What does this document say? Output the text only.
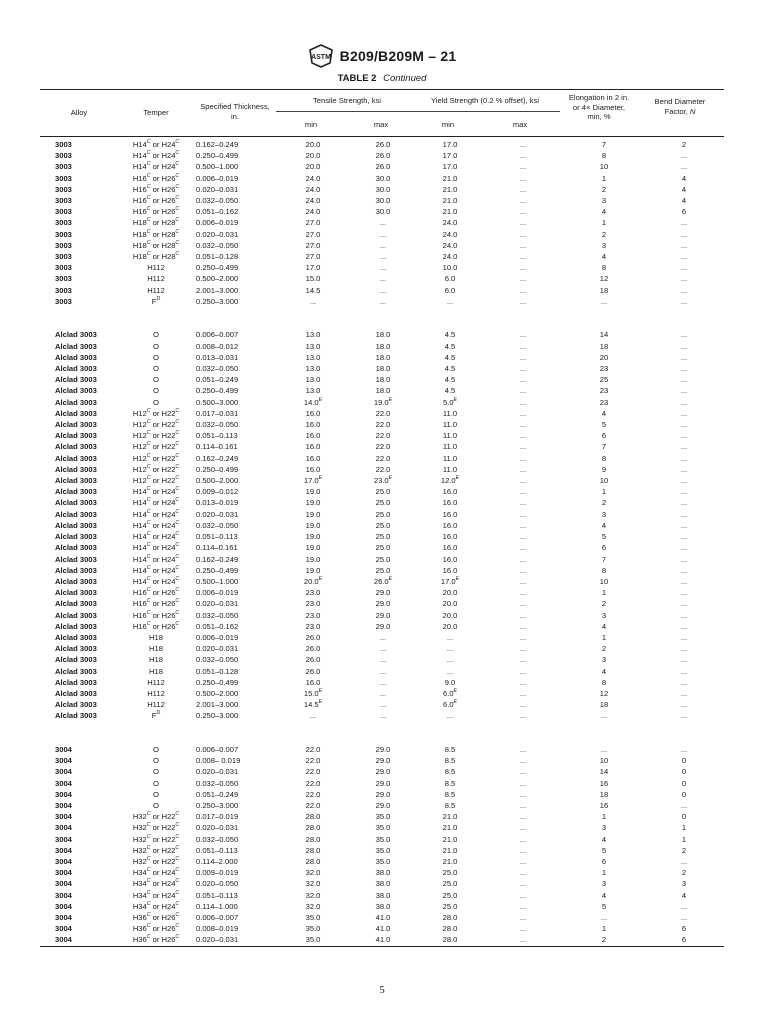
ASTM B209/B209M – 21
TABLE 2 Continued
Alloy	Temper
Specified Thickness, in.
Tensile Strength, ksi	Yield Strength (0.2 % offset), ksi	Elongation in 2 in. or 4× Diameter, min, %
Bend Diameter Factor, N
min	max	min	max
3003	$H14^C$ or $H24^C$	0.162–0.249	20.0	26.0	17.0	...	7	2
3003	$H14^C$ or $H24^C$	0.250–0.499	20.0	26.0	17.0	...	8	...
3003	$H14^C$ or $H24^C$	0.500–1.000	20.0	26.0	17.0	...	10	...
3003	$H16^C$ or $H26^C$	0.006–0.019	24.0	30.0	21.0	...	1	4
3003	$H16^C$ or $H26^C$	0.020–0.031	24.0	30.0	21.0	...	2	4
3003	$H16^C$ or $H26^C$	0.032–0.050	24.0	30.0	21.0	...	3	4
3003	$H16^C$ or $H26^C$	0.051–0.162	24.0	30.0	21.0	...	4	6
3003	$H18^C$ or $H28^C$	0.006–0.019	27.0	...	24.0	...	1	...
3003	$H18^C$ or $H28^C$	0.020–0.031	27.0	...	24.0	...	2	...
3003	$H18^C$ or $H28^C$	0.032–0.050	27.0	...	24.0	...	3	...
3003	$H18^C$ or $H28^C$	0.051–0.128	27.0	...	24.0	...	4	...
3003	H112	0.250–0.499	17.0	...	10.0	...	8	...
3003	H112	0.500–2.000	15.0	...	6.0	...	12	...
3003	H112	2.001–3.000	14.5	...	6.0	...	18	...
3003	$F^D$	0.250–3.000	...	...	...	...	...	...

Alclad 3003	O	0.006–0.007	13.0	18.0	4.5	...	14	...
Alclad 3003	O	0.008–0.012	13.0	18.0	4.5	...	18	...
Alclad 3003	O	0.013–0.031	13.0	18.0	4.5	...	20	...
Alclad 3003	O	0.032–0.050	13.0	18.0	4.5	...	23	...
Alclad 3003	O	0.051–0.249	13.0	18.0	4.5	...	25	...
Alclad 3003	O	0.250–0.499	13.0	18.0	4.5	...	23	...
Alclad 3003	O	0.500–3.000	$14.0^E$	$19.0^E$	$5.0^E$	...	23	...
Alclad 3003	$H12^C$ or $H22^C$	0.017–0.031	16.0	22.0	11.0	...	4	...
Alclad 3003	$H12^C$ or $H22^C$	0.032–0.050	16.0	22.0	11.0	...	5	...
Alclad 3003	$H12^C$ or $H22^C$	0.051–0.113	16.0	22.0	11.0	...	6	...
Alclad 3003	$H12^C$ or $H22^C$	0.114–0.161	16.0	22.0	11.0	...	7	...
Alclad 3003	$H12^C$ or $H22^C$	0.162–0.249	16.0	22.0	11.0	...	8	...
Alclad 3003	$H12^C$ or $H22^C$	0.250–0.499	16.0	22.0	11.0	...	9	...
Alclad 3003	$H12^C$ or $H22^C$	0.500–2.000	$17.0^E$	$23.0^E$	$12.0^E$	...	10	...
Alclad 3003	$H14^C$ or $H24^C$	0.009–0.012	19.0	25.0	16.0	...	1	...
Alclad 3003	$H14^C$ or $H24^C$	0.013–0.019	19.0	25.0	16.0	...	2	...
Alclad 3003	$H14^C$ or $H24^C$	0.020–0.031	19.0	25.0	16.0	...	3	...
Alclad 3003	$H14^C$ or $H24^C$	0.032–0.050	19.0	25.0	16.0	...	4	...
Alclad 3003	$H14^C$ or $H24^C$	0.051–0.113	19.0	25.0	16.0	...	5	...
Alclad 3003	$H14^C$ or $H24^C$	0.114–0.161	19.0	25.0	16.0	...	6	...
Alclad 3003	$H14^C$ or $H24^C$	0.162–0.249	19.0	25.0	16.0	...	7	...
Alclad 3003	$H14^C$ or $H24^C$	0.250–0.499	19.0	25.0	16.0	...	8	...
Alclad 3003	$H14^C$ or $H24^C$	0.500–1.000	$20.0^E$	$26.0^E$	$17.0^E$	...	10	...
Alclad 3003	$H16^C$ or $H26^C$	0.006–0.019	23.0	29.0	20.0	...	1	...
Alclad 3003	$H16^C$ or $H26^C$	0.020–0.031	23.0	29.0	20.0	...	2	...
Alclad 3003	$H16^C$ or $H26^C$	0.032–0.050	23.0	29.0	20.0	...	3	...
Alclad 3003	$H16^C$ or $H26^C$	0.051–0.162	23.0	29.0	20.0	...	4	...
Alclad 3003	H18	0.006–0.019	26.0	...	...	...	1	...
Alclad 3003	H18	0.020–0.031	26.0	...	...	...	2	...
Alclad 3003	H18	0.032–0.050	26.0	...	...	...	3	...
Alclad 3003	H18	0.051–0.128	26.0	...	...	...	4	...
Alclad 3003	H112	0.250–0.499	16.0	...	9.0	...	8	...
Alclad 3003	H112	0.500–2.000	$15.0^E$	...	$6.0^E$	...	12	...
Alclad 3003	H112	2.001–3.000	$14.5^E$	...	$6.0^E$	...	18	...
Alclad 3003	$F^D$	0.250–3.000	...	...	...	...	...	...

3004	O	0.006–0.007	22.0	29.0	8.5	...	...	...
3004	O	0.008– 0.019	22.0	29.0	8.5	...	10	0
3004	O	0.020–0.031	22.0	29.0	8.5	...	14	0
3004	O	0.032–0.050	22.0	29.0	8.5	...	16	0
3004	O	0.051–0.249	22.0	29.0	8.5	...	18	0
3004	O	0.250–3.000	22.0	29.0	8.5	...	16	...
3004	$H32^C$ or $H22^C$	0.017–0.019	28.0	35.0	21.0	...	1	0
3004	$H32^C$ or $H22^C$	0.020–0.031	28.0	35.0	21.0	...	3	1
3004	$H32^C$ or $H22^C$	0.032–0.050	28.0	35.0	21.0	...	4	1
3004	$H32^C$ or $H22^C$	0.051–0.113	28.0	35.0	21.0	...	5	2
3004	$H32^C$ or $H22^C$	0.114–2.000	28.0	35.0	21.0	...	6	...
3004	$H34^C$ or $H24^C$	0.009–0.019	32.0	38.0	25.0	...	1	2
3004	$H34^C$ or $H24^C$	0.020–0.050	32.0	38.0	25.0	...	3	3
3004	$H34^C$ or $H24^C$	0.051–0.113	32.0	38.0	25.0	...	4	4
3004	$H34^C$ or $H24^C$	0.114–1.000	32.0	38.0	25.0	...	5	...
3004	$H36^C$ or $H26^C$	0.006–0.007	35.0	41.0	28.0	...	...	...
3004	$H36^C$ or $H26^C$	0.008–0.019	35.0	41.0	28.0	...	1	6
3004	$H36^C$ or $H26^C$	0.020–0.031	35.0	41.0	28.0	...	2	6
5
